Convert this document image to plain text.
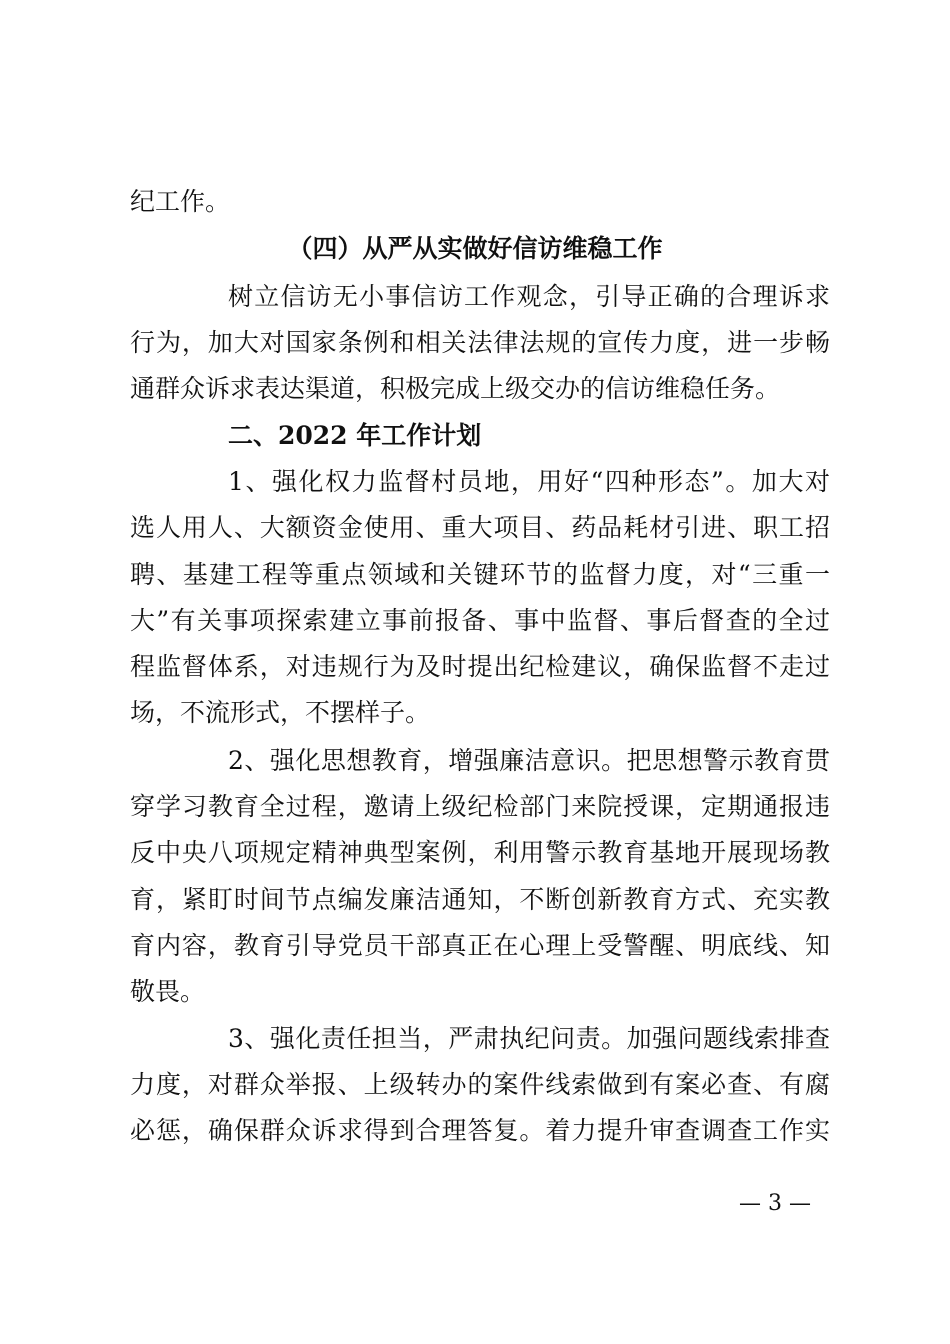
纪工作。
（四）从严从实做好信访维稳工作
树立信访无小事信访工作观念，引导正确的合理诉求
行为，加大对国家条例和相关法律法规的宣传力度，进一步畅
通群众诉求表达渠道，积极完成上级交办的信访维稳任务。
二、2022 年工作计划
1、强化权力监督村员地，用好“四种形态”。加大对
选人用人、大额资金使用、重大项目、药品耗材引进、职工招
聘、基建工程等重点领域和关键环节的监督力度，对“三重一
大”有关事项探索建立事前报备、事中监督、事后督查的全过
程监督体系，对违规行为及时提出纪检建议，确保监督不走过
场，不流形式，不摆样子。
2、强化思想教育，增强廉洁意识。把思想警示教育贯
穿学习教育全过程，邀请上级纪检部门来院授课，定期通报违
反中央八项规定精神典型案例，利用警示教育基地开展现场教
育，紧盯时间节点编发廉洁通知，不断创新教育方式、充实教
育内容，教育引导党员干部真正在心理上受警醒、明底线、知
敬畏。
3、强化责任担当，严肃执纪问责。加强问题线索排查
力度，对群众举报、上级转办的案件线索做到有案必查、有腐
必惩，确保群众诉求得到合理答复。着力提升审查调查工作实
— 3 —
